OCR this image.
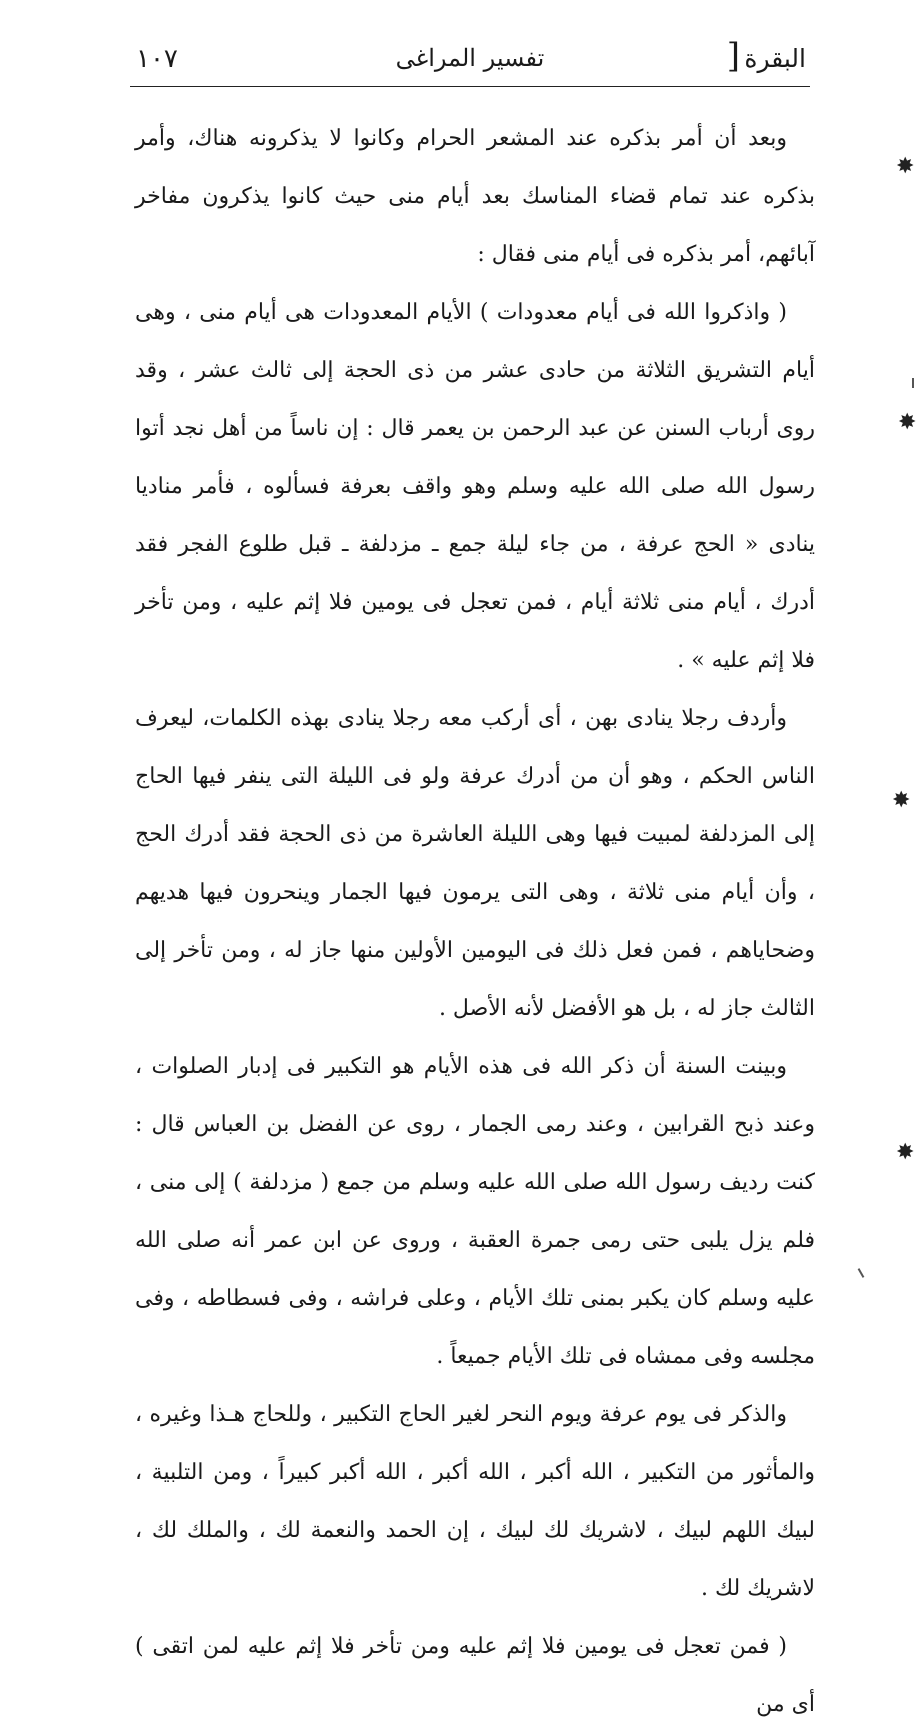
البقرة
]
تفسير المراغى
١٠٧

وبعد أن أمر بذكره عند المشعر الحرام وكانوا لا يذكرونه هناك، وأمر بذكره عند تمام قضاء المناسك بعد أيام منى حيث كانوا يذكرون مفاخر آبائهم، أمر بذكره فى أيام منى فقال :

( واذكروا الله فى أيام معدودات ) الأيام المعدودات هى أيام منى ، وهى أيام التشريق الثلاثة من حادى عشر من ذى الحجة إلى ثالث عشر ، وقد روى أرباب السنن عن عبد الرحمن بن يعمر قال : إن ناساً من أهل نجد أتوا رسول الله صلى الله عليه وسلم وهو واقف بعرفة فسألوه ، فأمر مناديا ينادى « الحج عرفة ، من جاء ليلة جمع ـ مزدلفة ـ قبل طلوع الفجر فقد أدرك ، أيام منى ثلاثة أيام ، فمن تعجل فى يومين فلا إثم عليه ، ومن تأخر فلا إثم عليه » .

وأردف رجلا ينادى بهن ، أى أركب معه رجلا ينادى بهذه الكلمات، ليعرف الناس الحكم ، وهو أن من أدرك عرفة ولو فى الليلة التى ينفر فيها الحاج إلى المزدلفة لمبيت فيها وهى الليلة العاشرة من ذى الحجة فقد أدرك الحج ، وأن أيام منى ثلاثة ، وهى التى يرمون فيها الجمار وينحرون فيها هديهم وضحاياهم ، فمن فعل ذلك فى اليومين الأولين منها جاز له ، ومن تأخر إلى الثالث جاز له ، بل هو الأفضل لأنه الأصل .

وبينت السنة أن ذكر الله فى هذه الأيام هو التكبير فى إدبار الصلوات ، وعند ذبح القرابين ، وعند رمى الجمار ، روى عن الفضل بن العباس قال : كنت رديف رسول الله صلى الله عليه وسلم من جمع ( مزدلفة ) إلى منى ، فلم يزل يلبى حتى رمى جمرة العقبة ، وروى عن ابن عمر أنه صلى الله عليه وسلم كان يكبر بمنى تلك الأيام ، وعلى فراشه ، وفى فسطاطه ، وفى مجلسه وفى ممشاه فى تلك الأيام جميعاً .

والذكر فى يوم عرفة ويوم النحر لغير الحاج التكبير ، وللحاج هـذا وغيره ، والمأثور من التكبير ، الله أكبر ، الله أكبر ، الله أكبر كبيراً ، ومن التلبية ، لبيك اللهم لبيك ، لاشريك لك لبيك ، إن الحمد والنعمة لك ، والملك لك ، لاشريك لك .

( فمن تعجل فى يومين فلا إثم عليه ومن تأخر فلا إثم عليه لمن اتقى ) أى من

✸
✸
✸
✸
